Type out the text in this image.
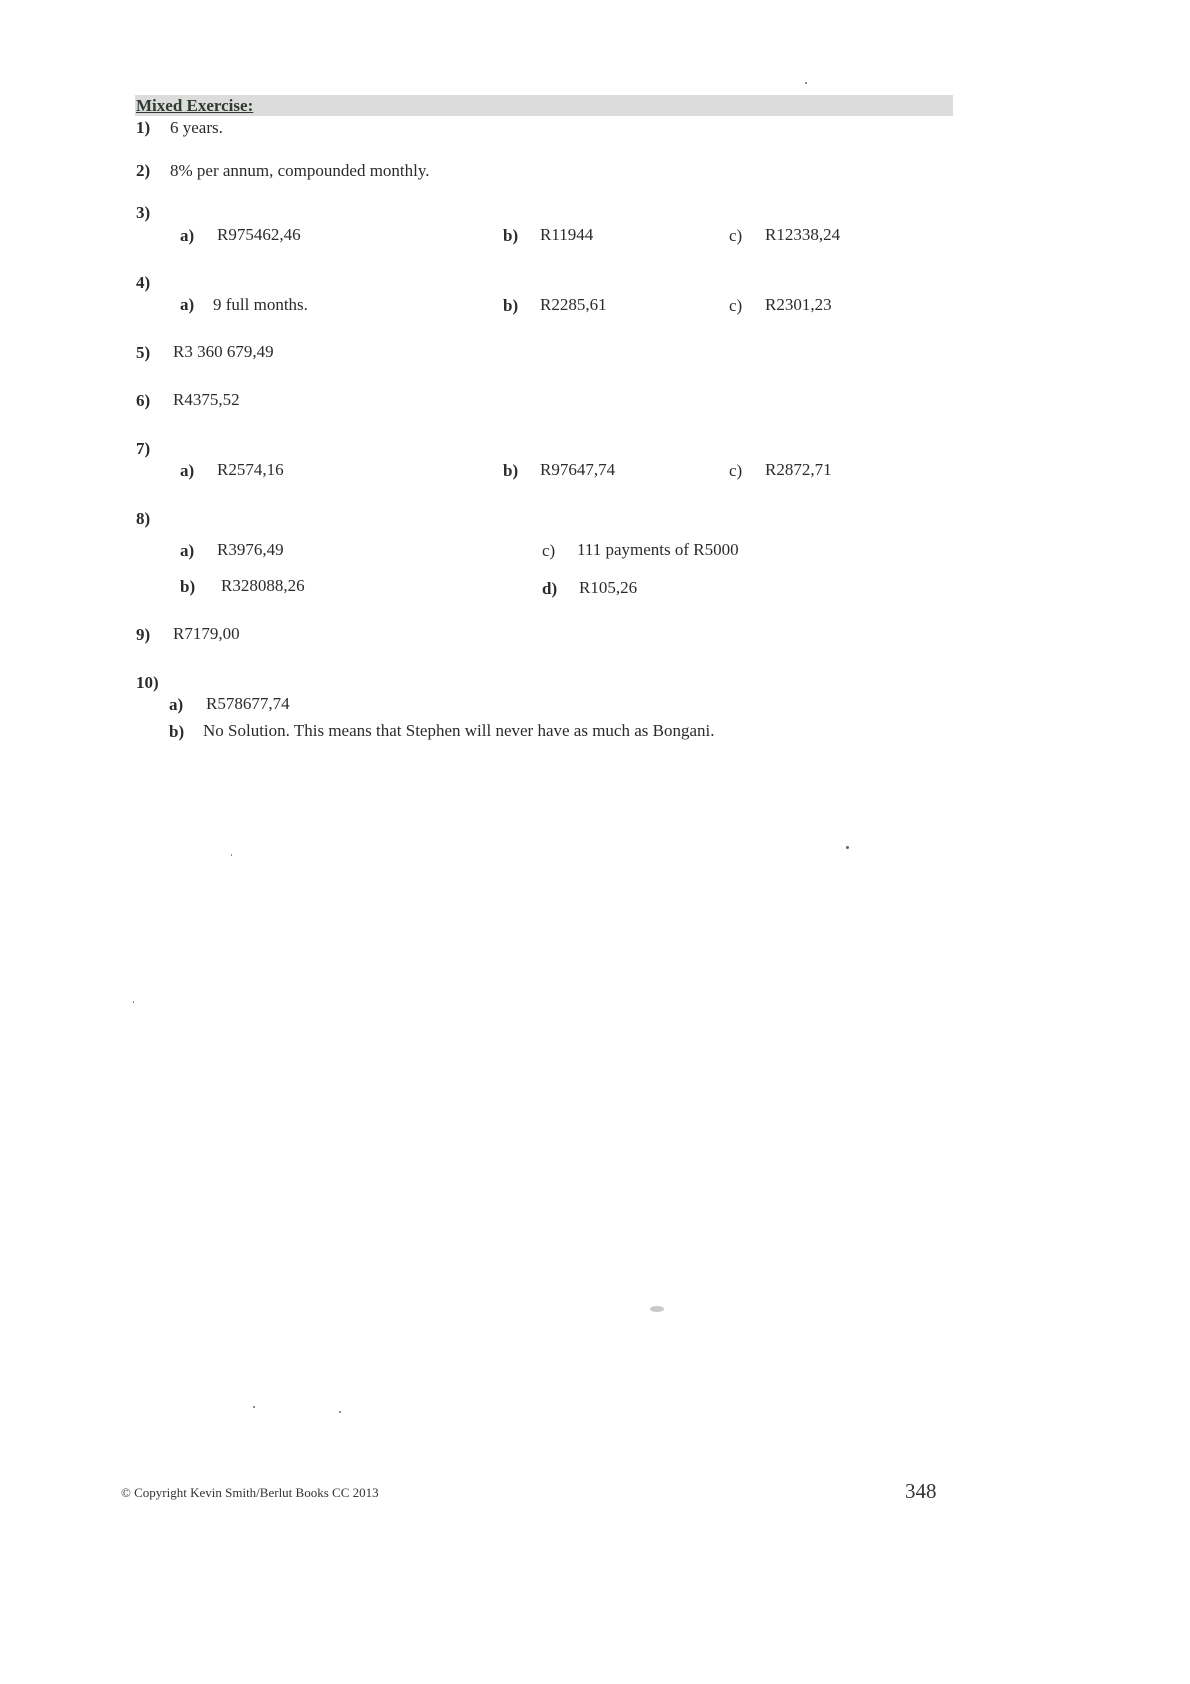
Mixed Exercise:
1) 6 years.
2) 8% per annum, compounded monthly.
3)
a) R975462,46	b) R11944	c) R12338,24
4)
a) 9 full months.	b) R2285,61	c) R2301,23
5) R3 360 679,49
6) R4375,52
7)
a) R2574,16	b) R97647,74	c) R2872,71
8)
a) R3976,49
b) R328088,26
c) 111 payments of R5000
d) R105,26
9) R7179,00
10)
a) R578677,74
b) No Solution. This means that Stephen will never have as much as Bongani.
© Copyright Kevin Smith/Berlut Books CC 2013	348
